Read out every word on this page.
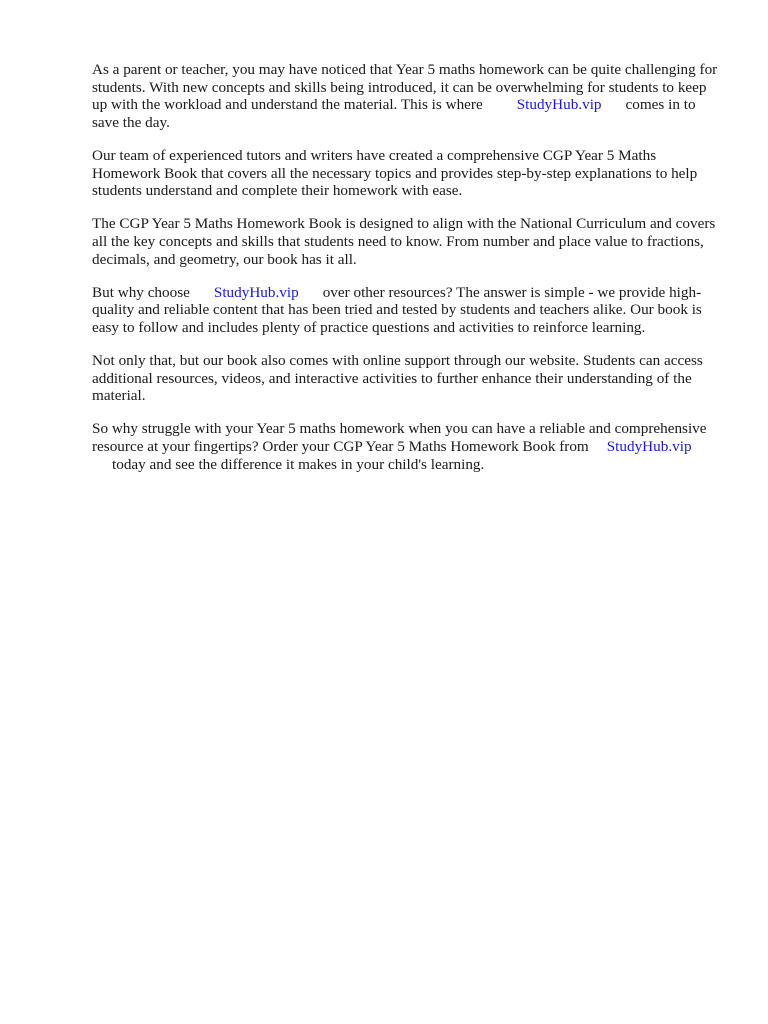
As a parent or teacher, you may have noticed that Year 5 maths homework can be quite challenging for students. With new concepts and skills being introduced, it can be overwhelming for students to keep up with the workload and understand the material. This is where StudyHub.vip comes in to save the day.

Our team of experienced tutors and writers have created a comprehensive CGP Year 5 Maths Homework Book that covers all the necessary topics and provides step-by-step explanations to help students understand and complete their homework with ease.

The CGP Year 5 Maths Homework Book is designed to align with the National Curriculum and covers all the key concepts and skills that students need to know. From number and place value to fractions, decimals, and geometry, our book has it all.

But why choose StudyHub.vip over other resources? The answer is simple - we provide high-quality and reliable content that has been tried and tested by students and teachers alike. Our book is easy to follow and includes plenty of practice questions and activities to reinforce learning.

Not only that, but our book also comes with online support through our website. Students can access additional resources, videos, and interactive activities to further enhance their understanding of the material.

So why struggle with your Year 5 maths homework when you can have a reliable and comprehensive resource at your fingertips? Order your CGP Year 5 Maths Homework Book from StudyHub.vip
today and see the difference it makes in your child's learning.
